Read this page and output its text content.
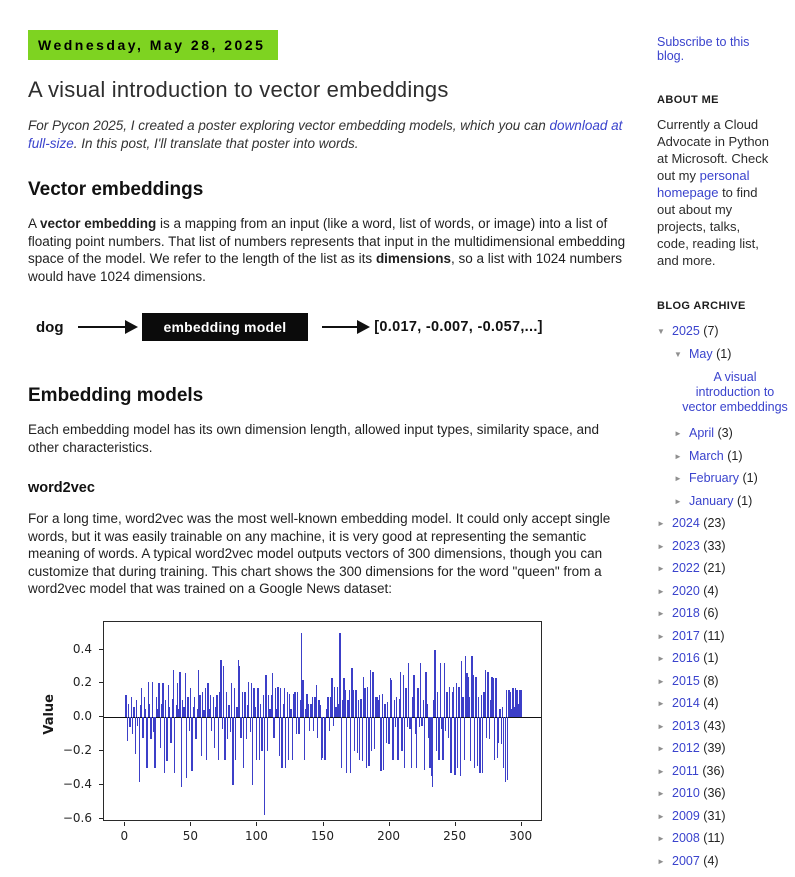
Wednesday, May 28, 2025
A visual introduction to vector embeddings

For Pycon 2025, I created a poster exploring vector embedding models, which you can download at full-size. In this post, I'll translate that poster into words.

Vector embeddings

A vector embedding is a mapping from an input (like a word, list of words, or image) into a list of floating point numbers. That list of numbers represents that input in the multidimensional embedding space of the model. We refer to the length of the list as its dimensions, so a list with 1024 numbers would have 1024 dimensions.

dog	embedding model	[0.017, -0.007, -0.057,...]
Embedding models

Each embedding model has its own dimension length, allowed input types, similarity space, and other characteristics.

word2vec

For a long time, word2vec was the most well-known embedding model. It could only accept single words, but it was easily trainable on any machine, it is very good at representing the semantic meaning of words. A typical word2vec model outputs vectors of 300 dimensions, though you can customize that during training. This chart shows the 300 dimensions for the word "queen" from a word2vec model that was trained on a Google News dataset:

Value
0.4
0.2
0.0
−0.2
−0.4
−0.6
0	50	100	150	200	250	300
Subscribe to this blog.
ABOUT ME

Currently a Cloud Advocate in Python at Microsoft. Check out my personal homepage to find out about my projects, talks, code, reading list, and more.

BLOG ARCHIVE
▼ 2025 (7)
▼ May (1)
A visual introduction to vector embeddings
► April (3)
► March (1)
► February (1)
► January (1)
► 2024 (23)
► 2023 (33)
► 2022 (21)
► 2020 (4)
► 2018 (6)
► 2017 (11)
► 2016 (1)
► 2015 (8)
► 2014 (4)
► 2013 (43)
► 2012 (39)
► 2011 (36)
► 2010 (36)
► 2009 (31)
► 2008 (11)
► 2007 (4)
